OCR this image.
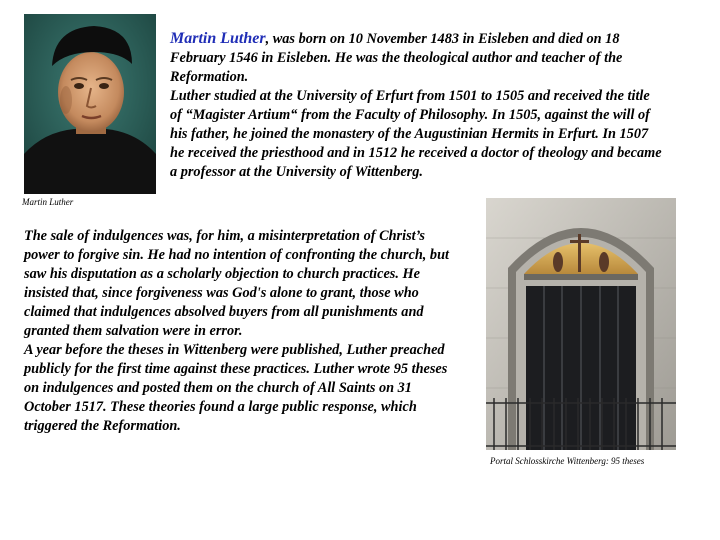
Martin Luther

Martin Luther, was born on 10 November 1483 in Eisleben and died on 18 February 1546 in Eisleben. He was the theological author and teacher of the Reformation.

Luther studied at the University of Erfurt from 1501 to 1505 and received the title of “Magister Artium“ from the Faculty of Philosophy. In 1505, against the will of his father, he joined the monastery of the Augustinian Hermits in Erfurt. In 1507 he received the priesthood and in 1512 he received a doctor of theology and became a professor at the University of Wittenberg.

The sale of indulgences was, for him, a misinterpretation of Christ’s power to forgive sin. He had no intention of confronting the church, but saw his disputation as a scholarly objection to church practices. He insisted that, since forgiveness was God's alone to grant, those who claimed that indulgences absolved buyers from all punishments and granted them salvation were in error.

A year before the theses in Wittenberg were published, Luther preached publicly for the first time against these practices. Luther wrote 95 theses on indulgences and posted them on the church of All Saints on 31 October 1517. These theories found a large public response, which triggered the Reformation.

Portal Schlosskirche Wittenberg: 95 theses
